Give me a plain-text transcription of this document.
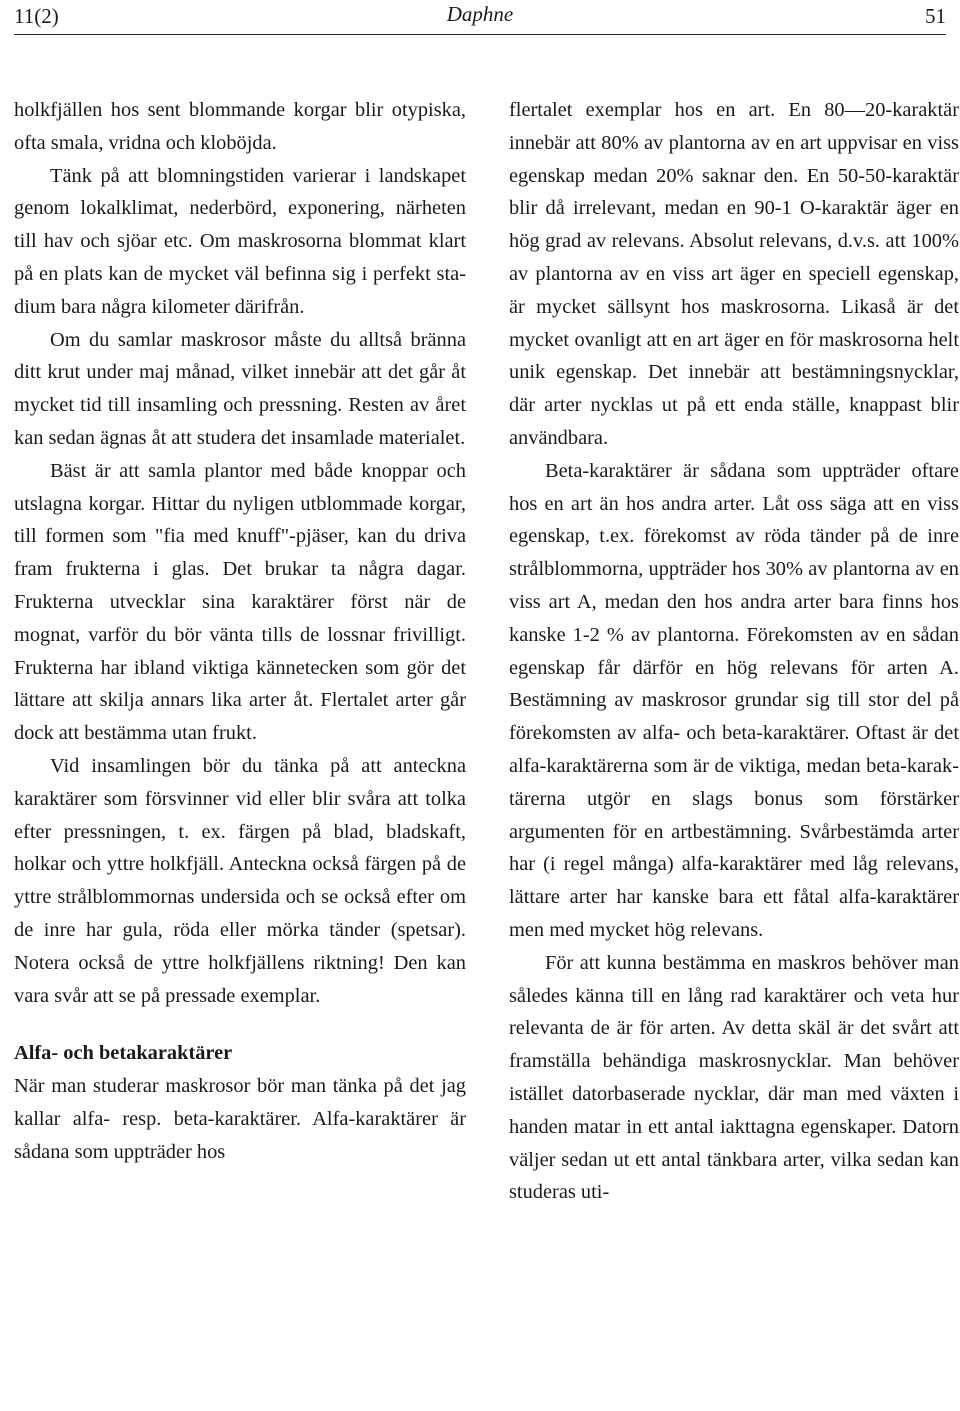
11(2)	Daphne	51

holkfjällen hos sent blommande korgar blir otypiska, ofta smala, vridna och kloböjda.

Tänk på att blomningstiden varierar i landskapet genom lokalklimat, nederbörd, exponering, närheten till hav och sjöar etc. Om maskrosorna blommat klart på en plats kan de mycket väl befinna sig i perfekt stadium bara några kilometer därifrån.

Om du samlar maskrosor måste du alltså bränna ditt krut under maj månad, vilket innebär att det går åt mycket tid till insamling och pressning. Resten av året kan sedan ägnas åt att studera det insamlade materialet.

Bäst är att samla plantor med både knoppar och utslagna korgar. Hittar du nyligen utblommade korgar, till formen som "fia med knuff"-pjäser, kan du driva fram frukterna i glas. Det brukar ta några dagar. Frukterna utvecklar sina karaktärer först när de mognat, varför du bör vänta tills de lossnar frivilligt. Frukterna har ibland viktiga kännetecken som gör det lättare att skilja annars lika arter åt. Flertalet arter går dock att bestämma utan frukt.

Vid insamlingen bör du tänka på att anteckna karaktärer som försvinner vid eller blir svåra att tolka efter pressningen, t. ex. färgen på blad, bladskaft, holkar och yttre holkfjäll. Anteckna också färgen på de yttre strålblommornas undersida och se också efter om de inre har gula, röda eller mörka tänder (spetsar). Notera också de yttre holkfjällens riktning! Den kan vara svår att se på pressade exemplar.

Alfa- och betakaraktärer

När man studerar maskrosor bör man tänka på det jag kallar alfa- resp. beta-karaktärer. Alfa-karaktärer är sådana som uppträder hos

flertalet exemplar hos en art. En 80—20-karaktär innebär att 80% av plantorna av en art uppvisar en viss egenskap medan 20% saknar den. En 50-50-karaktär blir då irrelevant, medan en 90-1 O-karaktär äger en hög grad av relevans. Absolut relevans, d.v.s. att 100% av plantorna av en viss art äger en speciell egenskap, är mycket sällsynt hos maskrosorna. Likaså är det mycket ovanligt att en art äger en för maskrosorna helt unik egenskap. Det innebär att bestämningsnycklar, där arter nycklas ut på ett enda ställe, knappast blir användbara.

Beta-karaktärer är sådana som uppträder oftare hos en art än hos andra arter. Låt oss säga att en viss egenskap, t.ex. förekomst av röda tänder på de inre strålblommorna, uppträder hos 30% av plantorna av en viss art A, medan den hos andra arter bara finns hos kanske 1-2 % av plantorna. Förekomsten av en sådan egenskap får därför en hög relevans för arten A. Bestämning av maskrosor grundar sig till stor del på förekomsten av alfa- och beta-karaktärer. Oftast är det alfa-karaktärerna som är de viktiga, medan beta-karaktärerna utgör en slags bonus som förstärker argumenten för en artbestämning. Svårbestämda arter har (i regel många) alfa-karaktärer med låg relevans, lättare arter har kanske bara ett fåtal alfa-karaktärer men med mycket hög relevans.

För att kunna bestämma en maskros behöver man således känna till en lång rad karaktärer och veta hur relevanta de är för arten. Av detta skäl är det svårt att framställa behändiga maskrosnycklar. Man behöver istället datorbaserade nycklar, där man med växten i handen matar in ett antal iakttagna egenskaper. Datorn väljer sedan ut ett antal tänkbara arter, vilka sedan kan studeras uti-
